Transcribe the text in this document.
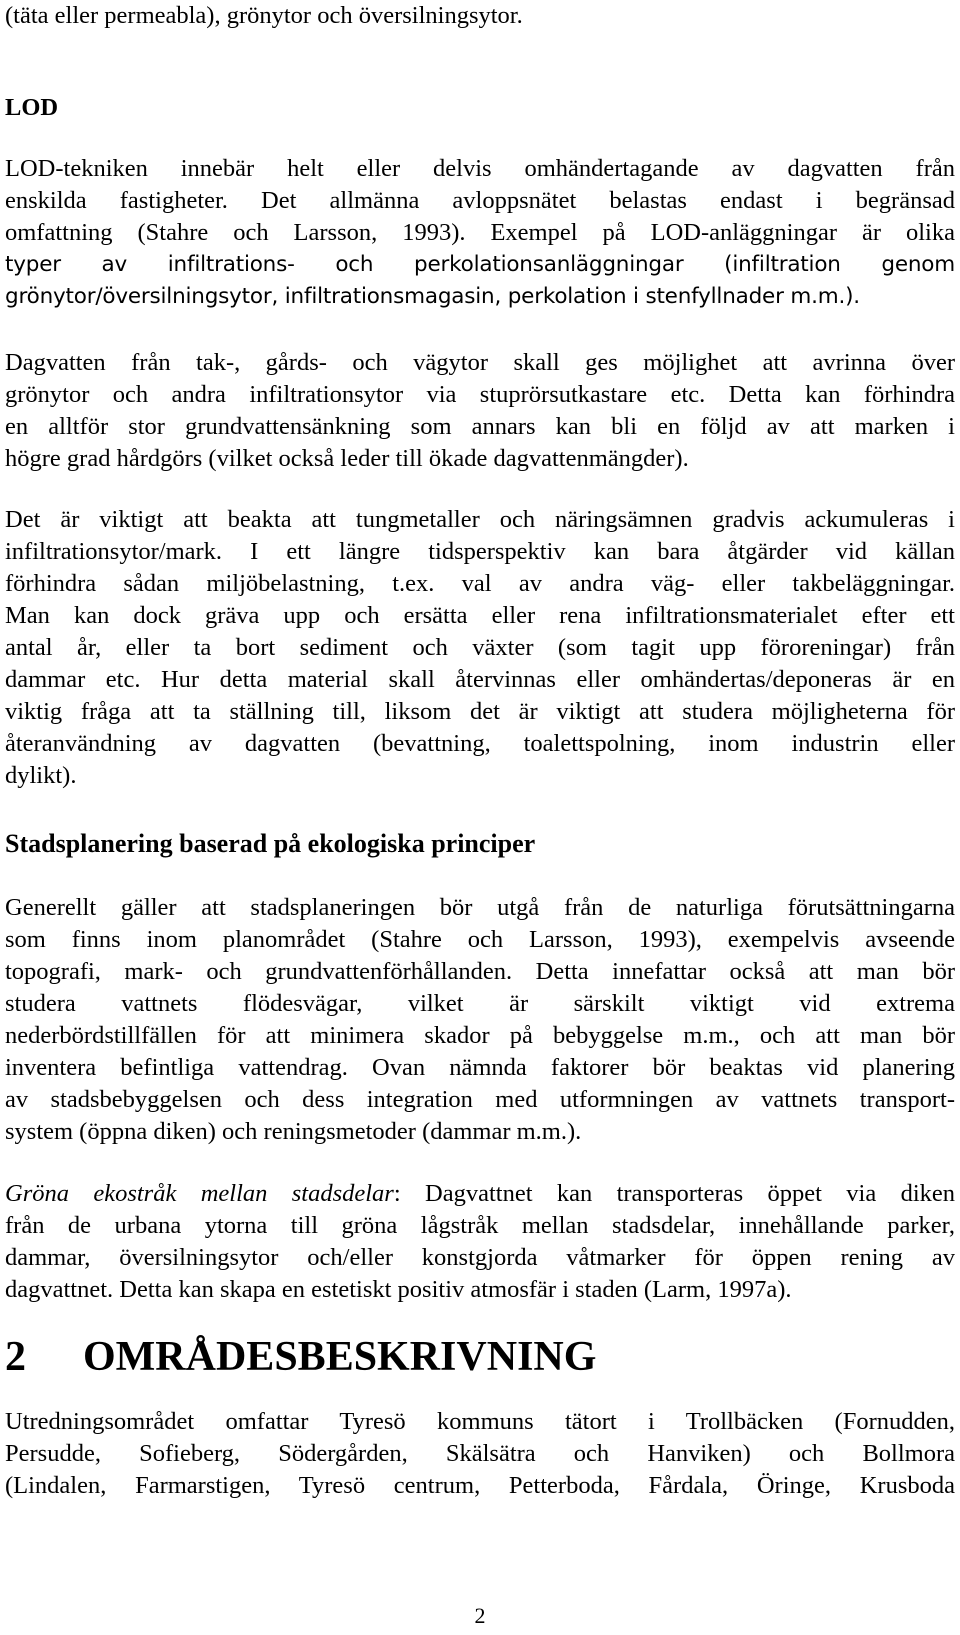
(täta eller permeabla), grönytor och översilningsytor.
LOD
LOD-tekniken innebär helt eller delvis omhändertagande av dagvatten från
enskilda fastigheter. Det allmänna avloppsnätet belastas endast i begränsad
omfattning (Stahre och Larsson, 1993). Exempel på LOD-anläggningar är olika
typer av infiltrations- och perkolationsanläggningar (infiltration genom
grönytor/översilningsytor, infiltrationsmagasin, perkolation i stenfyllnader m.m.).
Dagvatten från tak-, gårds- och vägytor skall ges möjlighet att avrinna över
grönytor och andra infiltrationsytor via stuprörsutkastare etc. Detta kan förhindra
en alltför stor grundvattensänkning som annars kan bli en följd av att marken i
högre grad hårdgörs (vilket också leder till ökade dagvattenmängder).
Det är viktigt att beakta att tungmetaller och näringsämnen gradvis ackumuleras i
infiltrationsytor/mark. I ett längre tidsperspektiv kan bara åtgärder vid källan
förhindra sådan miljöbelastning, t.ex. val av andra väg- eller takbeläggningar.
Man kan dock gräva upp och ersätta eller rena infiltrationsmaterialet efter ett
antal år, eller ta bort sediment och växter (som tagit upp föroreningar) från
dammar etc. Hur detta material skall återvinnas eller omhändertas/deponeras är en
viktig fråga att ta ställning till, liksom det är viktigt att studera möjligheterna för
återanvändning av dagvatten (bevattning, toalettspolning, inom industrin eller
dylikt).
Stadsplanering baserad på ekologiska principer
Generellt gäller att stadsplaneringen bör utgå från de naturliga förutsättningarna
som finns inom planområdet (Stahre och Larsson, 1993), exempelvis avseende
topografi, mark- och grundvattenförhållanden. Detta innefattar också att man bör
studera vattnets flödesvägar, vilket är särskilt viktigt vid extrema
nederbördstillfällen för att minimera skador på bebyggelse m.m., och att man bör
inventera befintliga vattendrag. Ovan nämnda faktorer bör beaktas vid planering
av stadsbebyggelsen och dess integration med utformningen av vattnets transport-
system (öppna diken) och reningsmetoder (dammar m.m.).
Gröna ekostråk mellan stadsdelar: Dagvattnet kan transporteras öppet via diken
från de urbana ytorna till gröna lågstråk mellan stadsdelar, innehållande parker,
dammar, översilningsytor och/eller konstgjorda våtmarker för öppen rening av
dagvattnet. Detta kan skapa en estetiskt positiv atmosfär i staden (Larm, 1997a).
2 OMRÅDESBESKRIVNING
Utredningsområdet omfattar Tyresö kommuns tätort i Trollbäcken (Fornudden,
Persudde, Sofieberg, Södergården, Skälsätra och Hanviken) och Bollmora
(Lindalen, Farmarstigen, Tyresö centrum, Petterboda, Fårdala, Öringe, Krusboda
2
